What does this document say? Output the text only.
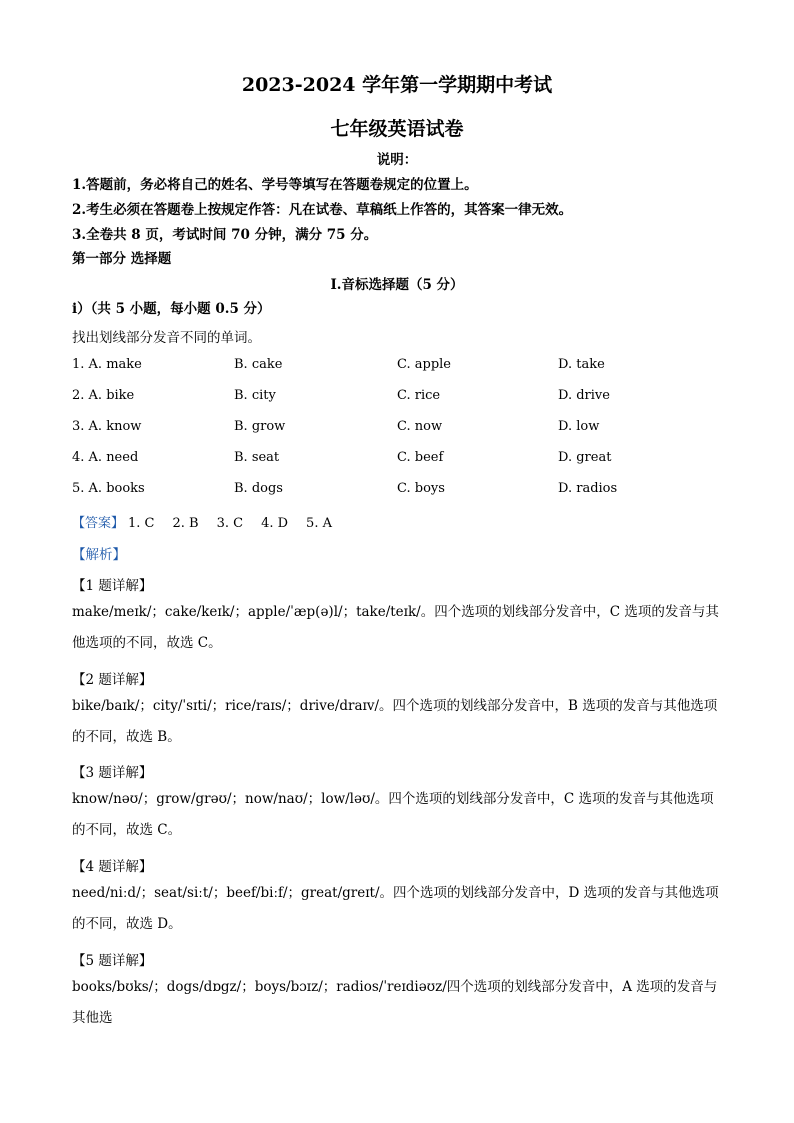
2023-2024 学年第一学期期中考试
七年级英语试卷
说明：
1.答题前，务必将自己的姓名、学号等填写在答题卷规定的位置上。
2.考生必须在答题卷上按规定作答：凡在试卷、草稿纸上作答的，其答案一律无效。
3.全卷共 8 页，考试时间 70 分钟，满分 75 分。
第一部分 选择题
I.音标选择题（5 分）
i）（共 5 小题，每小题 0.5 分）
找出划线部分发音不同的单词。
1. A. make	B. cake	C. apple	D. take
2. A. bike	B. city	C. rice	D. drive
3. A. know	B. grow	C. now	D. low
4. A. need	B. seat	C. beef	D. great
5. A. books	B. dogs	C. boys	D. radios
【答案】 1. C 2. B 3. C 4. D 5. A
【解析】
【1 题详解】
make/meɪk/；cake/keɪk/；apple/ˈæp(ə)l/；take/teɪk/。四个选项的划线部分发音中，C 选项的发音与其他选项的不同，故选 C。
【2 题详解】
bike/baɪk/；city/ˈsɪti/；rice/raɪs/；drive/draɪv/。四个选项的划线部分发音中，B 选项的发音与其他选项的不同，故选 B。
【3 题详解】
know/nəʊ/；grow/grəʊ/；now/naʊ/；low/ləʊ/。四个选项的划线部分发音中，C 选项的发音与其他选项的不同，故选 C。
【4 题详解】
need/niːd/；seat/siːt/；beef/biːf/；great/greɪt/。四个选项的划线部分发音中，D 选项的发音与其他选项的不同，故选 D。
【5 题详解】
books/bʊks/；dogs/dɒgz/；boys/bɔɪz/；radios/ˈreɪdiəʊz/四个选项的划线部分发音中，A 选项的发音与其他选
